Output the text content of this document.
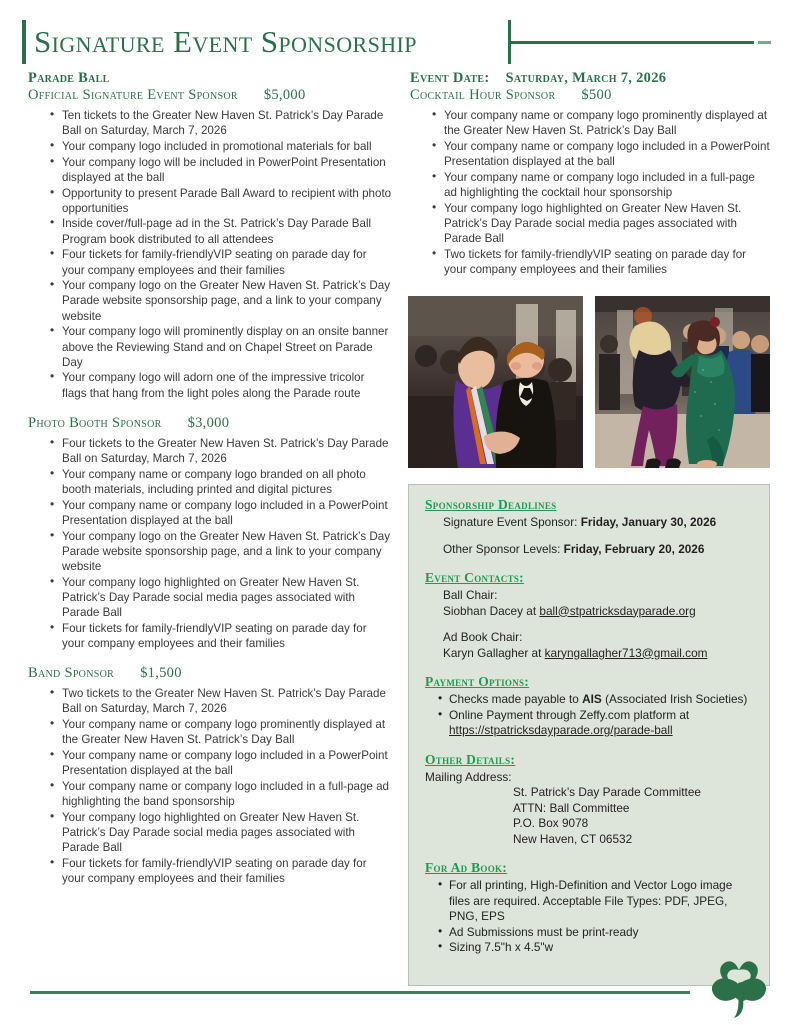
Signature Event Sponsorship
Parade Ball
Official Signature Event Sponsor $5,000
• Ten tickets to the Greater New Haven St. Patrick’s Day Parade Ball on Saturday, March 7, 2026
• Your company logo included in promotional materials for ball
• Your company logo will be included in PowerPoint Presentation displayed at the ball
• Opportunity to present Parade Ball Award to recipient with photo opportunities
• Inside cover/full-page ad in the St. Patrick’s Day Parade Ball Program book distributed to all attendees
• Four tickets for family-friendlyVIP seating on parade day for your company employees and their families
• Your company logo on the Greater New Haven St. Patrick’s Day Parade website sponsorship page, and a link to your company website
• Your company logo will prominently display on an onsite banner above the Reviewing Stand and on Chapel Street on Parade Day
• Your company logo will adorn one of the impressive tricolor flags that hang from the light poles along the Parade route
Photo Booth Sponsor $3,000
• Four tickets to the Greater New Haven St. Patrick’s Day Parade Ball on Saturday, March 7, 2026
• Your company name or company logo branded on all photo booth materials, including printed and digital pictures
• Your company name or company logo included in a PowerPoint Presentation displayed at the ball
• Your company logo on the Greater New Haven St. Patrick’s Day Parade website sponsorship page, and a link to your company website
• Your company logo highlighted on Greater New Haven St. Patrick’s Day Parade social media pages associated with Parade Ball
• Four tickets for family-friendlyVIP seating on parade day for your company employees and their families
Band Sponsor $1,500
• Two tickets to the Greater New Haven St. Patrick’s Day Parade Ball on Saturday, March 7, 2026
• Your company name or company logo prominently displayed at the Greater New Haven St. Patrick’s Day Ball
• Your company name or company logo included in a PowerPoint Presentation displayed at the ball
• Your company name or company logo included in a full-page ad highlighting the band sponsorship
• Your company logo highlighted on Greater New Haven St. Patrick’s Day Parade social media pages associated with Parade Ball
• Four tickets for family-friendlyVIP seating on parade day for your company employees and their families
Event Date: Saturday, March 7, 2026
Cocktail Hour Sponsor $500
• Your company name or company logo prominently displayed at the Greater New Haven St. Patrick’s Day Ball
• Your company name or company logo included in a PowerPoint Presentation displayed at the ball
• Your company name or company logo included in a full-page ad highlighting the cocktail hour sponsorship
• Your company logo highlighted on Greater New Haven St. Patrick’s Day Parade social media pages associated with Parade Ball
• Two tickets for family-friendlyVIP seating on parade day for your company employees and their families
Sponsorship Deadlines
Signature Event Sponsor: Friday, January 30, 2026
Other Sponsor Levels: Friday, February 20, 2026
Event Contacts:
Ball Chair:
Siobhan Dacey at ball@stpatricksdayparade.org
Ad Book Chair:
Karyn Gallagher at karyngallagher713@gmail.com
Payment Options:
• Checks made payable to AIS (Associated Irish Societies)
• Online Payment through Zeffy.com platform at
https://stpatricksdayparade.org/parade-ball
Other Details:
Mailing Address:
St. Patrick’s Day Parade Committee
ATTN: Ball Committee
P.O. Box 9078
New Haven, CT 06532
For Ad Book:
• For all printing, High-Definition and Vector Logo image files are required. Acceptable File Types: PDF, JPEG, PNG, EPS
• Ad Submissions must be print-ready
• Sizing 7.5"h x 4.5"w
